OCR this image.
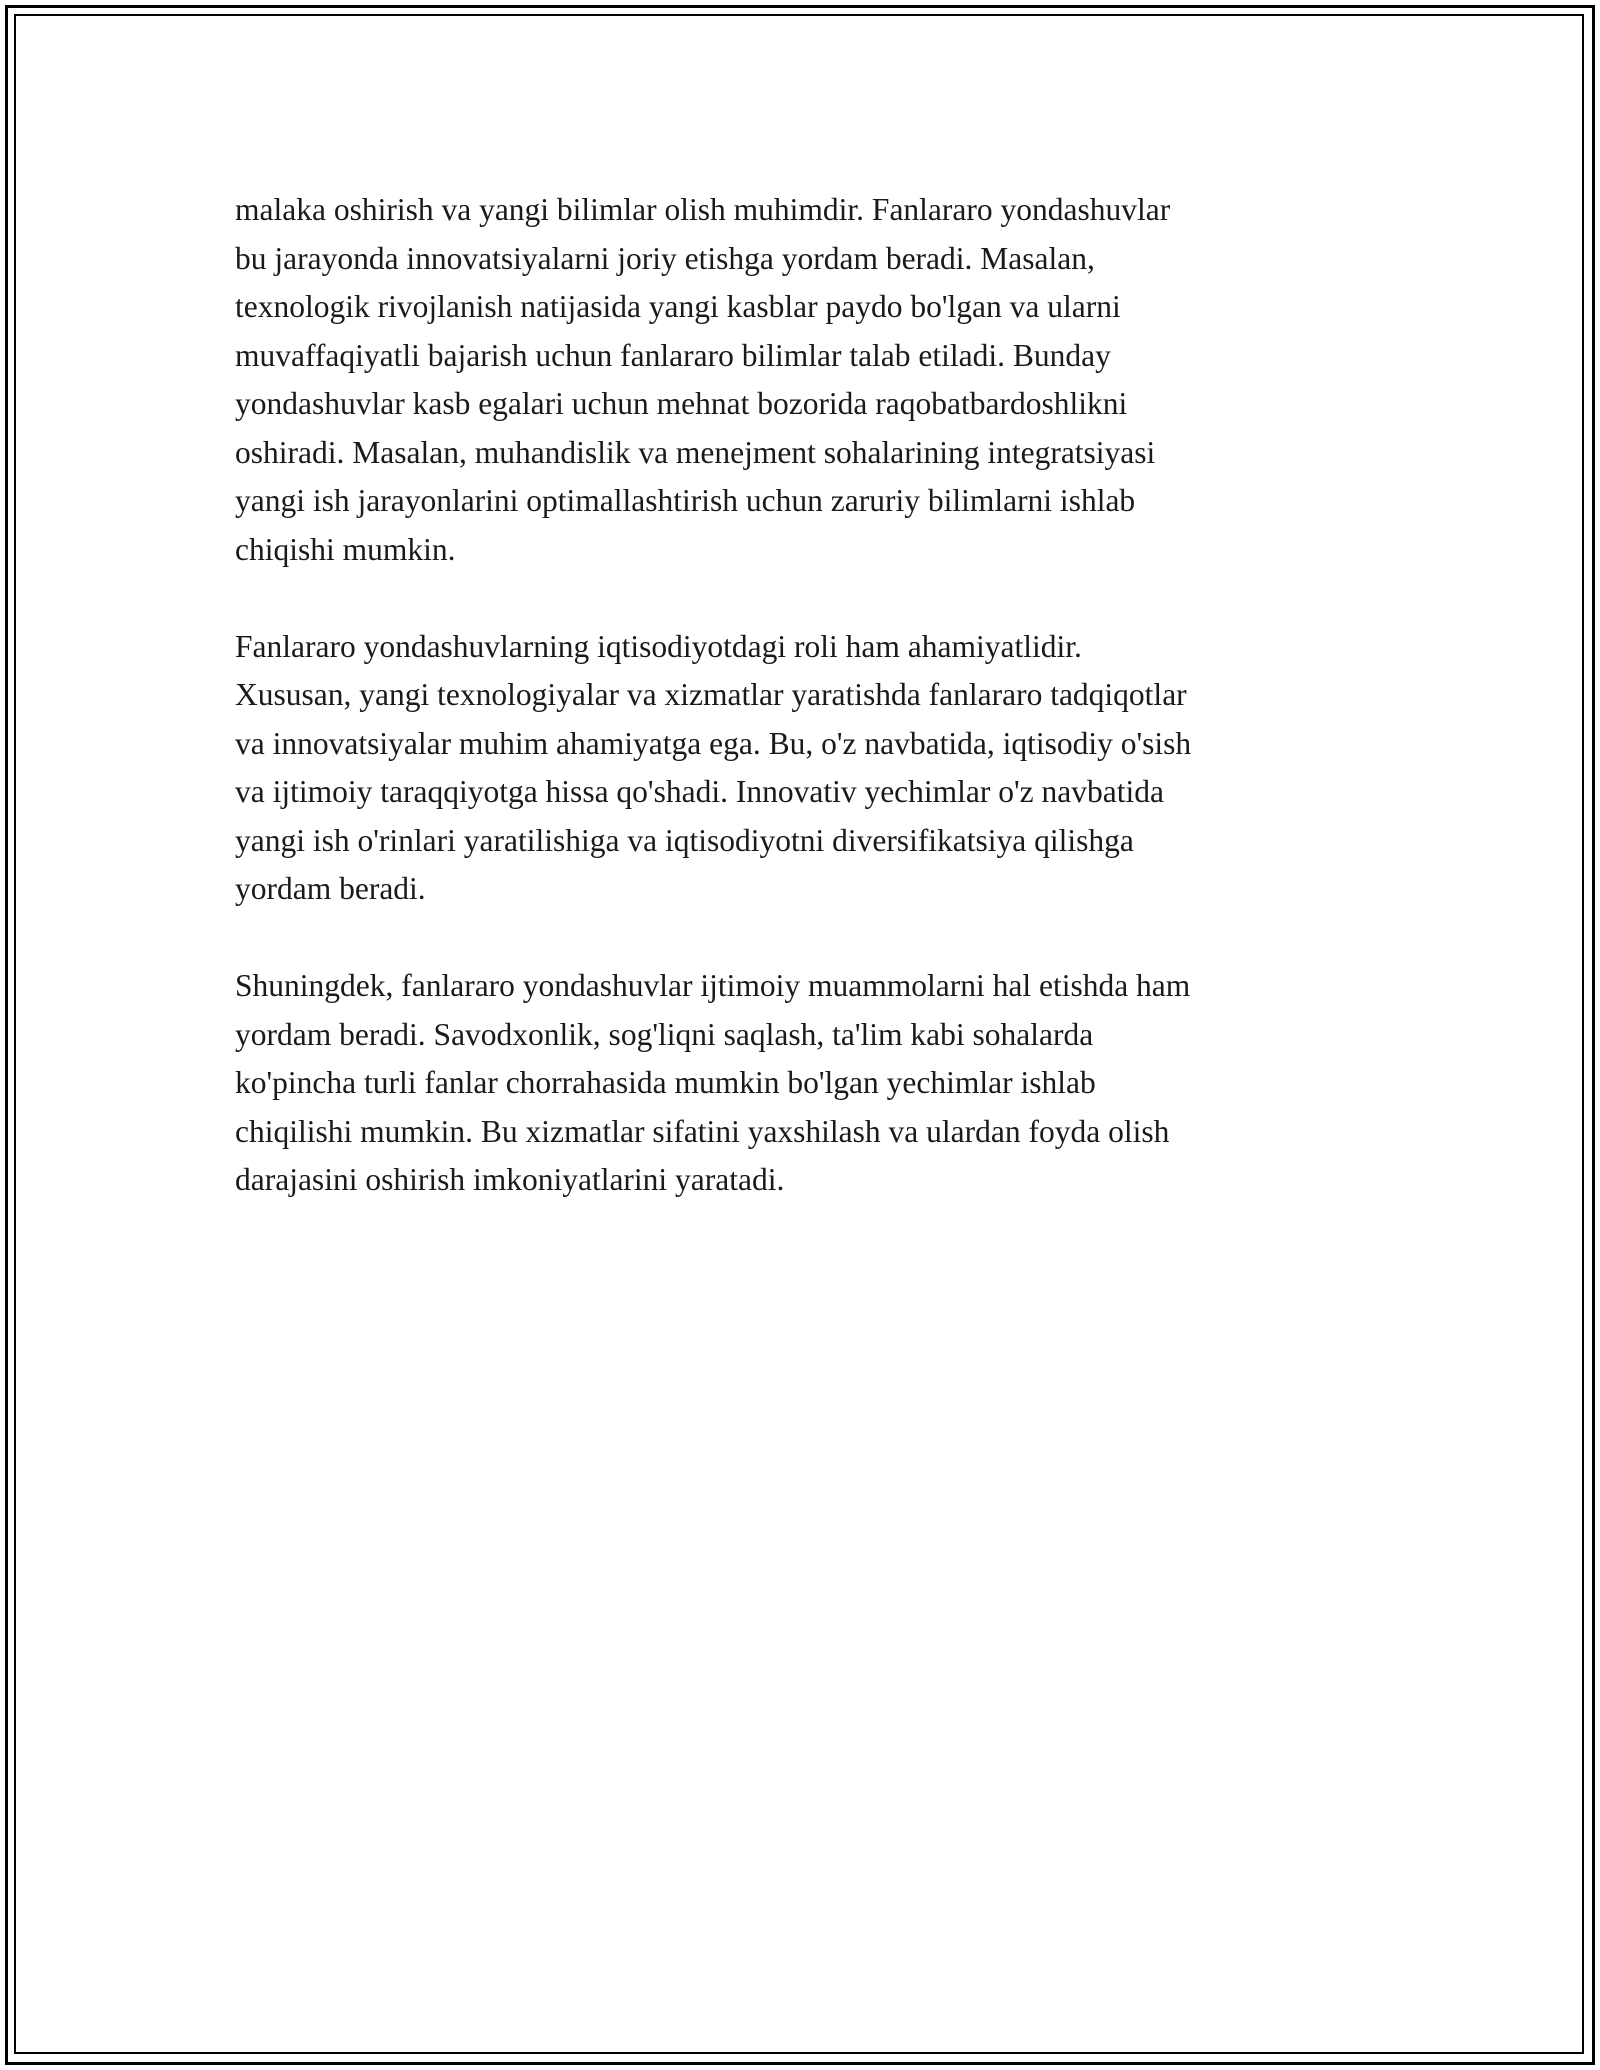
malaka oshirish va yangi bilimlar olish muhimdir. Fanlararo yondashuvlar
bu jarayonda innovatsiyalarni joriy etishga yordam beradi. Masalan,
texnologik rivojlanish natijasida yangi kasblar paydo bo'lgan va ularni
muvaffaqiyatli bajarish uchun fanlararo bilimlar talab etiladi. Bunday
yondashuvlar kasb egalari uchun mehnat bozorida raqobatbardoshlikni
oshiradi. Masalan, muhandislik va menejment sohalarining integratsiyasi
yangi ish jarayonlarini optimallashtirish uchun zaruriy bilimlarni ishlab
chiqishi mumkin.

Fanlararo yondashuvlarning iqtisodiyotdagi roli ham ahamiyatlidir.
Xususan, yangi texnologiyalar va xizmatlar yaratishda fanlararo tadqiqotlar
va innovatsiyalar muhim ahamiyatga ega. Bu, o'z navbatida, iqtisodiy o'sish
va ijtimoiy taraqqiyotga hissa qo'shadi. Innovativ yechimlar o'z navbatida
yangi ish o'rinlari yaratilishiga va iqtisodiyotni diversifikatsiya qilishga
yordam beradi.

Shuningdek, fanlararo yondashuvlar ijtimoiy muammolarni hal etishda ham
yordam beradi. Savodxonlik, sog'liqni saqlash, ta'lim kabi sohalarda
ko'pincha turli fanlar chorrahasida mumkin bo'lgan yechimlar ishlab
chiqilishi mumkin. Bu xizmatlar sifatini yaxshilash va ulardan foyda olish
darajasini oshirish imkoniyatlarini yaratadi.
